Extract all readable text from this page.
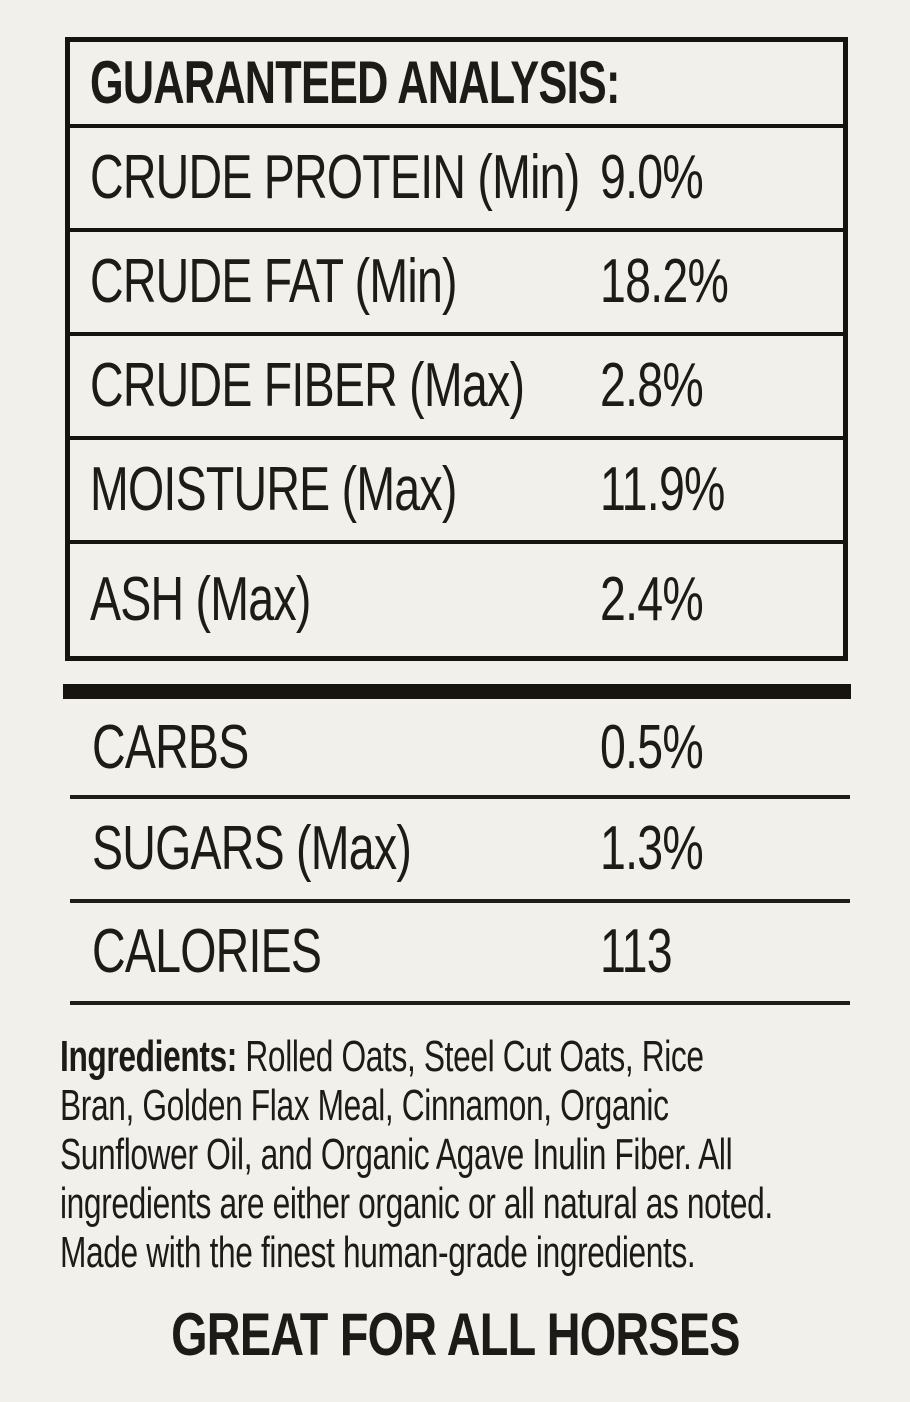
GUARANTEED ANALYSIS:
CRUDE PROTEIN (Min) 9.0%
CRUDE FAT (Min) 18.2%
CRUDE FIBER (Max) 2.8%
MOISTURE (Max) 11.9%
ASH (Max)	2.4%
CARBS	0.5%
SUGARS (Max)	1.3%
CALORIES	113
Ingredients: Rolled Oats, Steel Cut Oats, Rice
Bran, Golden Flax Meal, Cinnamon, Organic
Sunflower Oil, and Organic Agave Inulin Fiber. All
ingredients are either organic or all natural as noted.
Made with the finest human-grade ingredients.
GREAT FOR ALL HORSES
